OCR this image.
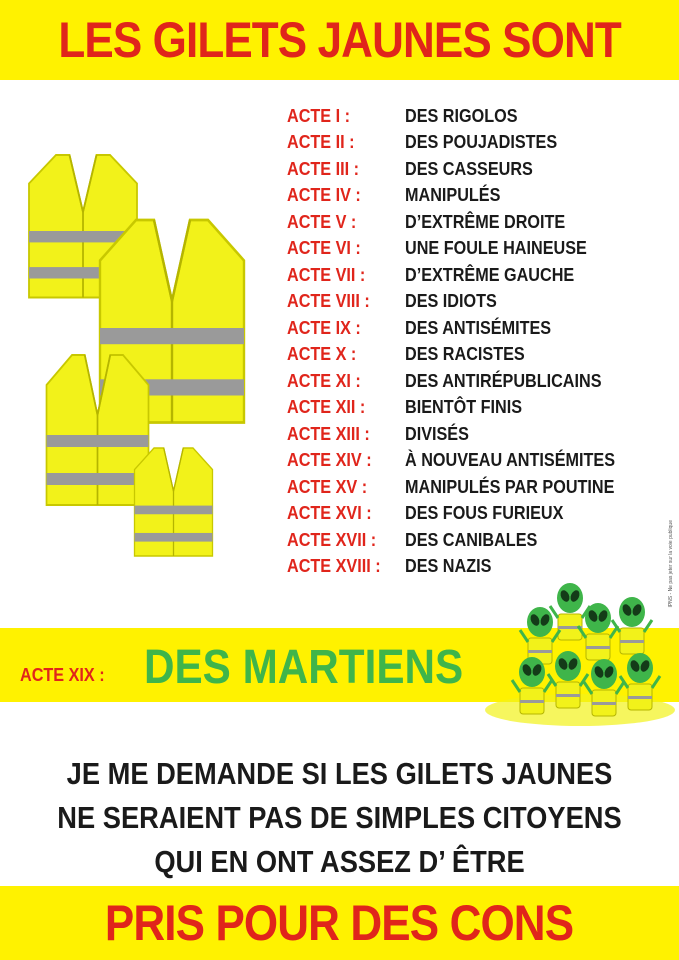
LES GILETS JAUNES SONT
ACTE I :	DES RIGOLOS
ACTE II :	DES POUJADISTES
ACTE III :	DES CASSEURS
ACTE IV :	MANIPULÉS
ACTE V :	D’EXTRÊME DROITE
ACTE VI :	UNE FOULE HAINEUSE
ACTE VII :	D’EXTRÊME GAUCHE
ACTE VIII :	DES IDIOTS
ACTE IX :	DES ANTISÉMITES
ACTE X :	DES RACISTES
ACTE XI :	DES ANTIRÉPUBLICAINS
ACTE XII :	BIENTÔT FINIS
ACTE XIII :	DIVISÉS
ACTE XIV :	À NOUVEAU ANTISÉMITES
ACTE XV :	MANIPULÉS PAR POUTINE
ACTE XVI :	DES FOUS FURIEUX
ACTE XVII :	DES CANIBALES
ACTE XVIII :	DES NAZIS	IPNS - Ne pas jeter sur la voie publique
ACTE XIX : DES MARTIENS
JE ME DEMANDE SI LES GILETS JAUNES
NE SERAIENT PAS DE SIMPLES CITOYENS
QUI EN ONT ASSEZ D’ ÊTRE
PRIS POUR DES CONS
